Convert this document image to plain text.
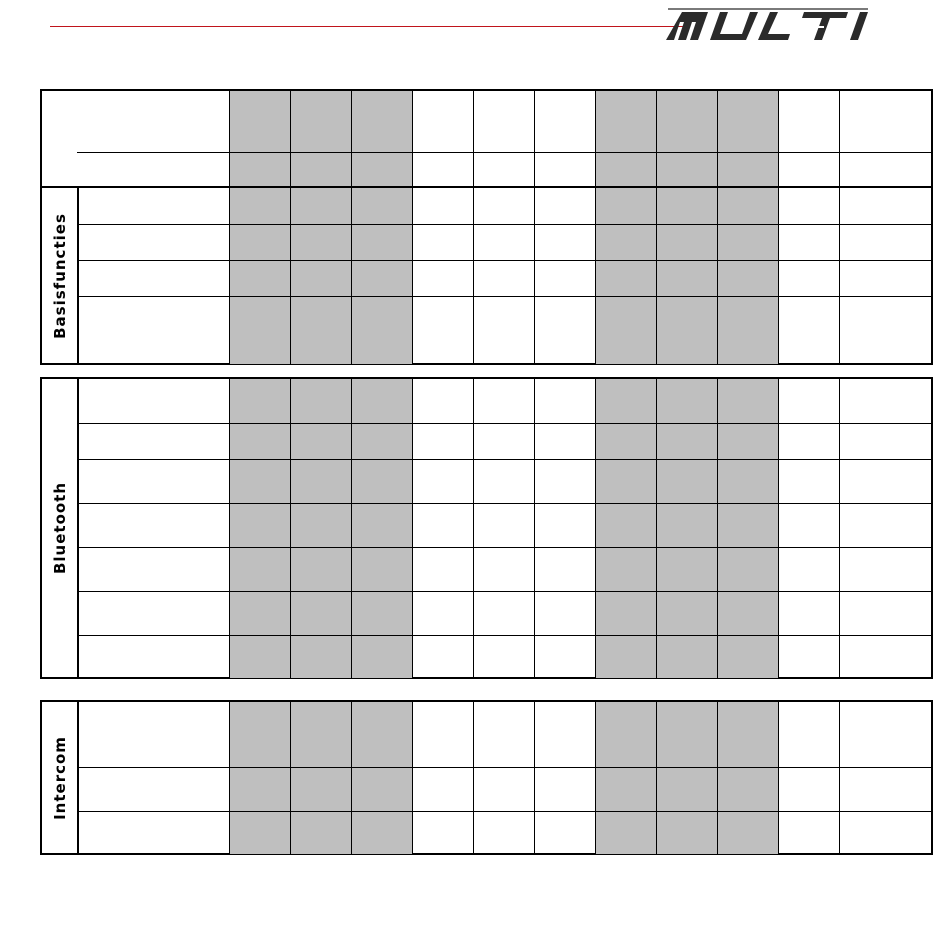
Basisfuncties
Bluetooth
Intercom
